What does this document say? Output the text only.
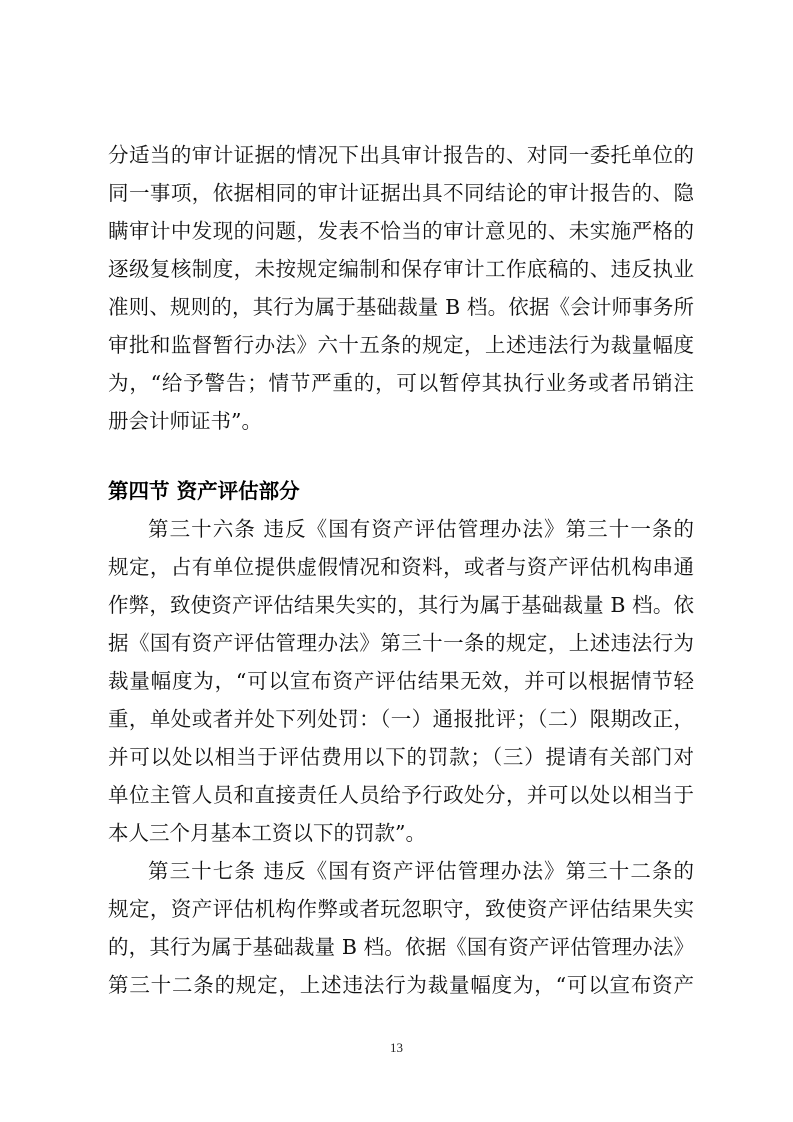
分适当的审计证据的情况下出具审计报告的、对同一委托单位的
同一事项，依据相同的审计证据出具不同结论的审计报告的、隐
瞒审计中发现的问题，发表不恰当的审计意见的、未实施严格的
逐级复核制度，未按规定编制和保存审计工作底稿的、违反执业
准则、规则的，其行为属于基础裁量 B 档。依据《会计师事务所
审批和监督暂行办法》六十五条的规定，上述违法行为裁量幅度
为，“给予警告；情节严重的，可以暂停其执行业务或者吊销注
册会计师证书”。
第四节 资产评估部分
第三十六条 违反《国有资产评估管理办法》第三十一条的
规定，占有单位提供虚假情况和资料，或者与资产评估机构串通
作弊，致使资产评估结果失实的，其行为属于基础裁量 B 档。依
据《国有资产评估管理办法》第三十一条的规定，上述违法行为
裁量幅度为，“可以宣布资产评估结果无效，并可以根据情节轻
重，单处或者并处下列处罚：（一）通报批评；（二）限期改正，
并可以处以相当于评估费用以下的罚款；（三）提请有关部门对
单位主管人员和直接责任人员给予行政处分，并可以处以相当于
本人三个月基本工资以下的罚款”。
第三十七条 违反《国有资产评估管理办法》第三十二条的
规定，资产评估机构作弊或者玩忽职守，致使资产评估结果失实
的，其行为属于基础裁量 B 档。依据《国有资产评估管理办法》
第三十二条的规定，上述违法行为裁量幅度为，“可以宣布资产
13
